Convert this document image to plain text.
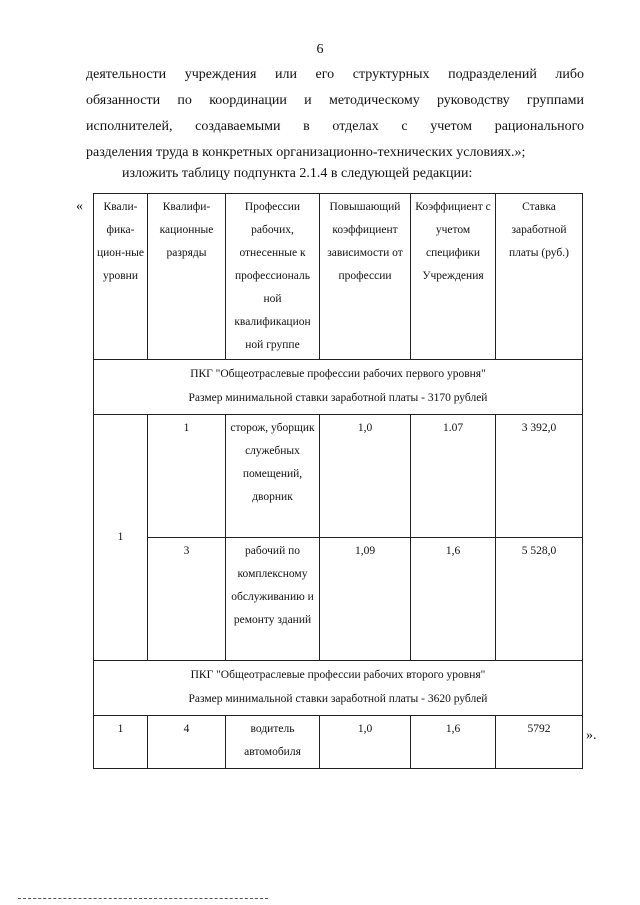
6
деятельности учреждения или его структурных подразделений либо
обязанности по координации и методическому руководству группами
исполнителей, создаваемыми в отделах с учетом рационального
разделения труда в конкретных организационно-технических условиях.»;
изложить таблицу подпункта 2.1.4 в следующей редакции:
«
».
Квали-фика-цион-ные уровни	Квалифи-кационные разряды	Професcии рабочих, отнесенные к профессиональ ной квалификацион ной группе	Повышающий коэффициент зависимости от профессии	Коэффициент с учетом специфики Учреждения	Ставка заработной платы (руб.)

ПКГ "Общеотраслевые профессии рабочих первого уровня"
Размер минимальной ставки заработной платы - 3170 рублей					

1	1	сторож, уборщик служебных помещений, дворник	1,0	1.07	3 392,0
	3	рабочий по комплексному обслуживанию и ремонту зданий	1,09	1,6	5 528,0

ПКГ "Общеотраслевые профессии рабочих второго уровня"
Размер минимальной ставки заработной платы - 3620 рублей					

1	4	водитель автомобиля	1,0	1,6	5792
